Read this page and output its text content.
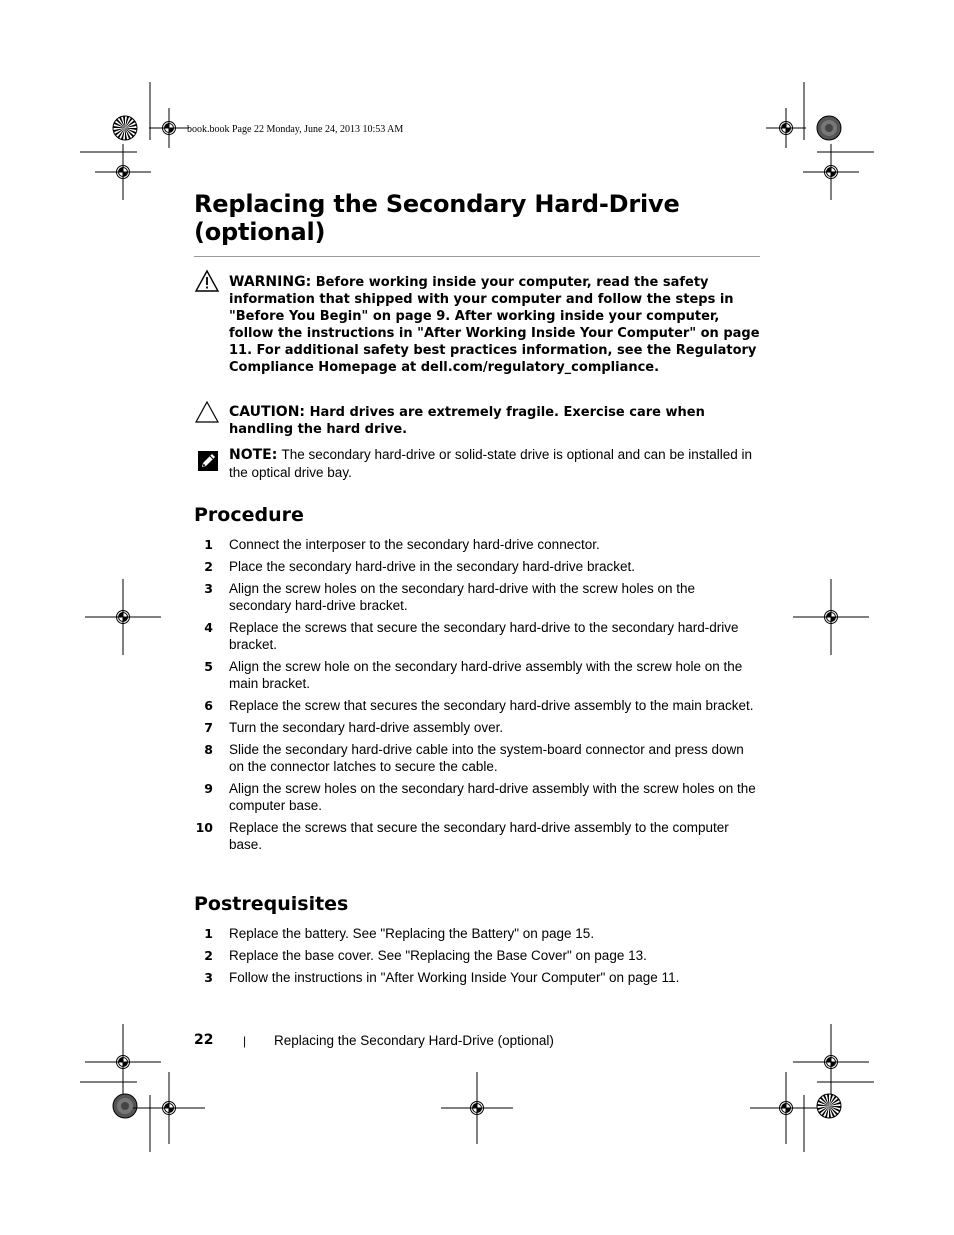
book.book Page 22 Monday, June 24, 2013 10:53 AM
Replacing the Secondary Hard-Drive (optional)
WARNING: Before working inside your computer, read the safety information that shipped with your computer and follow the steps in "Before You Begin" on page 9. After working inside your computer, follow the instructions in "After Working Inside Your Computer" on page 11. For additional safety best practices information, see the Regulatory Compliance Homepage at dell.com/regulatory_compliance.
CAUTION: Hard drives are extremely fragile. Exercise care when handling the hard drive.
NOTE: The secondary hard-drive or solid-state drive is optional and can be installed in the optical drive bay.
Procedure
1 Connect the interposer to the secondary hard-drive connector.
2 Place the secondary hard-drive in the secondary hard-drive bracket.
3 Align the screw holes on the secondary hard-drive with the screw holes on the secondary hard-drive bracket.
4 Replace the screws that secure the secondary hard-drive to the secondary hard-drive bracket.
5 Align the screw hole on the secondary hard-drive assembly with the screw hole on the main bracket.
6 Replace the screw that secures the secondary hard-drive assembly to the main bracket.
7 Turn the secondary hard-drive assembly over.
8 Slide the secondary hard-drive cable into the system-board connector and press down on the connector latches to secure the cable.
9 Align the screw holes on the secondary hard-drive assembly with the screw holes on the computer base.
10 Replace the screws that secure the secondary hard-drive assembly to the computer base.
Postrequisites
1 Replace the battery. See "Replacing the Battery" on page 15.
2 Replace the base cover. See "Replacing the Base Cover" on page 13.
3 Follow the instructions in "After Working Inside Your Computer" on page 11.
22 | Replacing the Secondary Hard-Drive (optional)
